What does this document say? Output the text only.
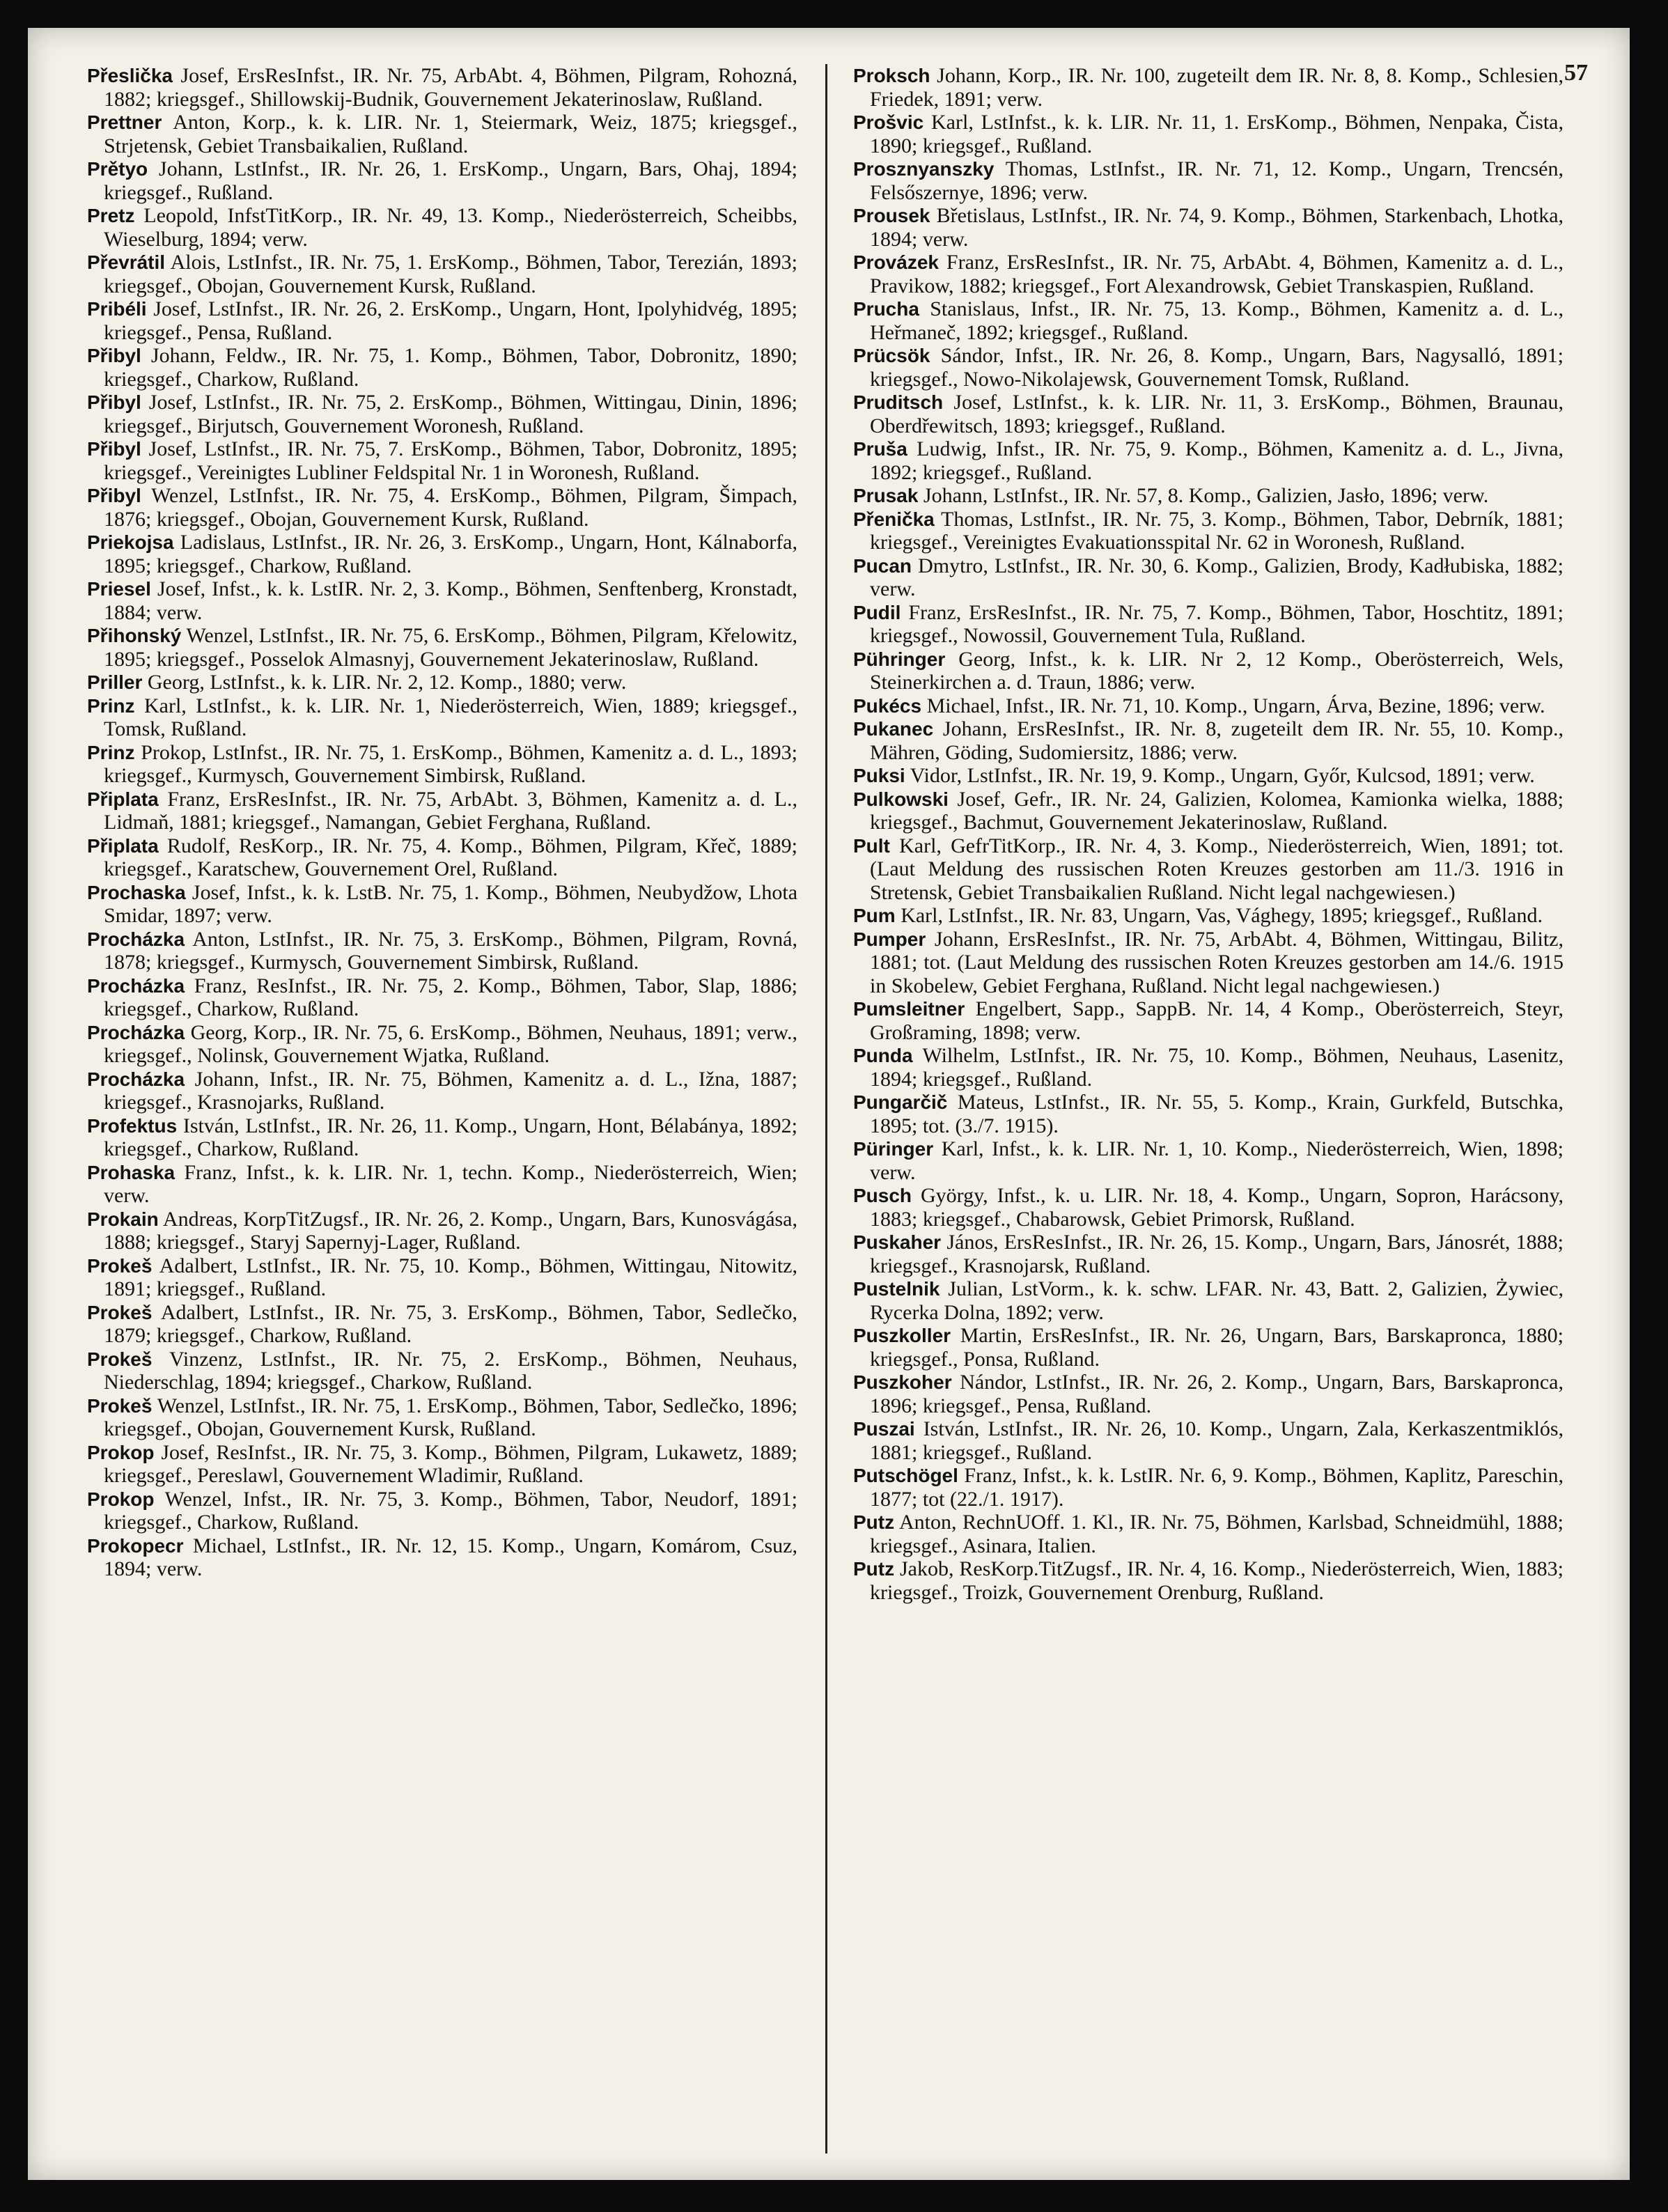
57

Přeslička Josef, ErsResInfst., IR. Nr. 75, ArbAbt. 4, Böhmen, Pilgram, Rohozná, 1882; kriegsgef., Shillowskij-Budnik, Gouvernement Jekaterinoslaw, Rußland.

Prettner Anton, Korp., k. k. LIR. Nr. 1, Steiermark, Weiz, 1875; kriegsgef., Strjetensk, Gebiet Transbaikalien, Rußland.

Prětyo Johann, LstInfst., IR. Nr. 26, 1. ErsKomp., Ungarn, Bars, Ohaj, 1894; kriegsgef., Rußland.

Pretz Leopold, InfstTitKorp., IR. Nr. 49, 13. Komp., Niederösterreich, Scheibbs, Wieselburg, 1894; verw.

Převrátil Alois, LstInfst., IR. Nr. 75, 1. ErsKomp., Böhmen, Tabor, Terezián, 1893; kriegsgef., Obojan, Gouvernement Kursk, Rußland.

Pribéli Josef, LstInfst., IR. Nr. 26, 2. ErsKomp., Ungarn, Hont, Ipolyhidvég, 1895; kriegsgef., Pensa, Rußland.

Přibyl Johann, Feldw., IR. Nr. 75, 1. Komp., Böhmen, Tabor, Dobronitz, 1890; kriegsgef., Charkow, Rußland.

Přibyl Josef, LstInfst., IR. Nr. 75, 2. ErsKomp., Böhmen, Wittingau, Dinin, 1896; kriegsgef., Birjutsch, Gouvernement Woronesh, Rußland.

Přibyl Josef, LstInfst., IR. Nr. 75, 7. ErsKomp., Böhmen, Tabor, Dobronitz, 1895; kriegsgef., Vereinigtes Lubliner Feldspital Nr. 1 in Woronesh, Rußland.

Přibyl Wenzel, LstInfst., IR. Nr. 75, 4. ErsKomp., Böhmen, Pilgram, Šimpach, 1876; kriegsgef., Obojan, Gouvernement Kursk, Rußland.

Priekojsa Ladislaus, LstInfst., IR. Nr. 26, 3. ErsKomp., Ungarn, Hont, Kálnaborfa, 1895; kriegsgef., Charkow, Rußland.

Priesel Josef, Infst., k. k. LstIR. Nr. 2, 3. Komp., Böhmen, Senftenberg, Kronstadt, 1884; verw.

Přihonský Wenzel, LstInfst., IR. Nr. 75, 6. ErsKomp., Böhmen, Pilgram, Křelowitz, 1895; kriegsgef., Posselok Almasnyj, Gouvernement Jekaterinoslaw, Rußland.

Priller Georg, LstInfst., k. k. LIR. Nr. 2, 12. Komp., 1880; verw.

Prinz Karl, LstInfst., k. k. LIR. Nr. 1, Niederösterreich, Wien, 1889; kriegsgef., Tomsk, Rußland.

Prinz Prokop, LstInfst., IR. Nr. 75, 1. ErsKomp., Böhmen, Kamenitz a. d. L., 1893; kriegsgef., Kurmysch, Gouvernement Simbirsk, Rußland.

Připlata Franz, ErsResInfst., IR. Nr. 75, ArbAbt. 3, Böhmen, Kamenitz a. d. L., Lidmaň, 1881; kriegsgef., Namangan, Gebiet Ferghana, Rußland.

Připlata Rudolf, ResKorp., IR. Nr. 75, 4. Komp., Böhmen, Pilgram, Křeč, 1889; kriegsgef., Karatschew, Gouvernement Orel, Rußland.

Prochaska Josef, Infst., k. k. LstB. Nr. 75, 1. Komp., Böhmen, Neubydžow, Lhota Smidar, 1897; verw.

Procházka Anton, LstInfst., IR. Nr. 75, 3. ErsKomp., Böhmen, Pilgram, Rovná, 1878; kriegsgef., Kurmysch, Gouvernement Simbirsk, Rußland.

Procházka Franz, ResInfst., IR. Nr. 75, 2. Komp., Böhmen, Tabor, Slap, 1886; kriegsgef., Charkow, Rußland.

Procházka Georg, Korp., IR. Nr. 75, 6. ErsKomp., Böhmen, Neuhaus, 1891; verw., kriegsgef., Nolinsk, Gouvernement Wjatka, Rußland.

Procházka Johann, Infst., IR. Nr. 75, Böhmen, Kamenitz a. d. L., Ižna, 1887; kriegsgef., Krasnojarks, Rußland.

Profektus István, LstInfst., IR. Nr. 26, 11. Komp., Ungarn, Hont, Bélabánya, 1892; kriegsgef., Charkow, Rußland.

Prohaska Franz, Infst., k. k. LIR. Nr. 1, techn. Komp., Niederösterreich, Wien; verw.

Prokain Andreas, KorpTitZugsf., IR. Nr. 26, 2. Komp., Ungarn, Bars, Kunosvágása, 1888; kriegsgef., Staryj Sapernyj-Lager, Rußland.

Prokeš Adalbert, LstInfst., IR. Nr. 75, 10. Komp., Böhmen, Wittingau, Nitowitz, 1891; kriegsgef., Rußland.

Prokeš Adalbert, LstInfst., IR. Nr. 75, 3. ErsKomp., Böhmen, Tabor, Sedlečko, 1879; kriegsgef., Charkow, Rußland.

Prokeš Vinzenz, LstInfst., IR. Nr. 75, 2. ErsKomp., Böhmen, Neuhaus, Niederschlag, 1894; kriegsgef., Charkow, Rußland.

Prokeš Wenzel, LstInfst., IR. Nr. 75, 1. ErsKomp., Böhmen, Tabor, Sedlečko, 1896; kriegsgef., Obojan, Gouvernement Kursk, Rußland.

Prokop Josef, ResInfst., IR. Nr. 75, 3. Komp., Böhmen, Pilgram, Lukawetz, 1889; kriegsgef., Pereslawl, Gouvernement Wladimir, Rußland.

Prokop Wenzel, Infst., IR. Nr. 75, 3. Komp., Böhmen, Tabor, Neudorf, 1891; kriegsgef., Charkow, Rußland.

Prokopecr Michael, LstInfst., IR. Nr. 12, 15. Komp., Ungarn, Komárom, Csuz, 1894; verw.

Proksch Johann, Korp., IR. Nr. 100, zugeteilt dem IR. Nr. 8, 8. Komp., Schlesien, Friedek, 1891; verw.

Prošvic Karl, LstInfst., k. k. LIR. Nr. 11, 1. ErsKomp., Böhmen, Nenpaka, Čista, 1890; kriegsgef., Rußland.

Prosznyanszky Thomas, LstInfst., IR. Nr. 71, 12. Komp., Ungarn, Trencsén, Felsőszernye, 1896; verw.

Prousek Břetislaus, LstInfst., IR. Nr. 74, 9. Komp., Böhmen, Starkenbach, Lhotka, 1894; verw.

Provázek Franz, ErsResInfst., IR. Nr. 75, ArbAbt. 4, Böhmen, Kamenitz a. d. L., Pravikow, 1882; kriegsgef., Fort Alexandrowsk, Gebiet Transkaspien, Rußland.

Prucha Stanislaus, Infst., IR. Nr. 75, 13. Komp., Böhmen, Kamenitz a. d. L., Heřmaneč, 1892; kriegsgef., Rußland.

Prücsök Sándor, Infst., IR. Nr. 26, 8. Komp., Ungarn, Bars, Nagysalló, 1891; kriegsgef., Nowo-Nikolajewsk, Gouvernement Tomsk, Rußland.

Pruditsch Josef, LstInfst., k. k. LIR. Nr. 11, 3. ErsKomp., Böhmen, Braunau, Oberdřewitsch, 1893; kriegsgef., Rußland.

Pruša Ludwig, Infst., IR. Nr. 75, 9. Komp., Böhmen, Kamenitz a. d. L., Jivna, 1892; kriegsgef., Rußland.

Prusak Johann, LstInfst., IR. Nr. 57, 8. Komp., Galizien, Jasło, 1896; verw.

Přenička Thomas, LstInfst., IR. Nr. 75, 3. Komp., Böhmen, Tabor, Debrník, 1881; kriegsgef., Vereinigtes Evakuationsspital Nr. 62 in Woronesh, Rußland.

Pucan Dmytro, LstInfst., IR. Nr. 30, 6. Komp., Galizien, Brody, Kadłubiska, 1882; verw.

Pudil Franz, ErsResInfst., IR. Nr. 75, 7. Komp., Böhmen, Tabor, Hoschtitz, 1891; kriegsgef., Nowossil, Gouvernement Tula, Rußland.

Pühringer Georg, Infst., k. k. LIR. Nr 2, 12 Komp., Oberösterreich, Wels, Steinerkirchen a. d. Traun, 1886; verw.

Pukécs Michael, Infst., IR. Nr. 71, 10. Komp., Ungarn, Árva, Bezine, 1896; verw.

Pukanec Johann, ErsResInfst., IR. Nr. 8, zugeteilt dem IR. Nr. 55, 10. Komp., Mähren, Göding, Sudomiersitz, 1886; verw.

Puksi Vidor, LstInfst., IR. Nr. 19, 9. Komp., Ungarn, Győr, Kulcsod, 1891; verw.

Pulkowski Josef, Gefr., IR. Nr. 24, Galizien, Kolomea, Kamionka wielka, 1888; kriegsgef., Bachmut, Gouvernement Jekaterinoslaw, Rußland.

Pult Karl, GefrTitKorp., IR. Nr. 4, 3. Komp., Niederösterreich, Wien, 1891; tot. (Laut Meldung des russischen Roten Kreuzes gestorben am 11./3. 1916 in Stretensk, Gebiet Transbaikalien Rußland. Nicht legal nachgewiesen.)

Pum Karl, LstInfst., IR. Nr. 83, Ungarn, Vas, Vághegy, 1895; kriegsgef., Rußland.

Pumper Johann, ErsResInfst., IR. Nr. 75, ArbAbt. 4, Böhmen, Wittingau, Bilitz, 1881; tot. (Laut Meldung des russischen Roten Kreuzes gestorben am 14./6. 1915 in Skobelew, Gebiet Ferghana, Rußland. Nicht legal nachgewiesen.)

Pumsleitner Engelbert, Sapp., SappB. Nr. 14, 4 Komp., Oberösterreich, Steyr, Großraming, 1898; verw.

Punda Wilhelm, LstInfst., IR. Nr. 75, 10. Komp., Böhmen, Neuhaus, Lasenitz, 1894; kriegsgef., Rußland.

Pungarčič Mateus, LstInfst., IR. Nr. 55, 5. Komp., Krain, Gurkfeld, Butschka, 1895; tot. (3./7. 1915).

Püringer Karl, Infst., k. k. LIR. Nr. 1, 10. Komp., Niederösterreich, Wien, 1898; verw.

Pusch György, Infst., k. u. LIR. Nr. 18, 4. Komp., Ungarn, Sopron, Harácsony, 1883; kriegsgef., Chabarowsk, Gebiet Primorsk, Rußland.

Puskaher János, ErsResInfst., IR. Nr. 26, 15. Komp., Ungarn, Bars, Jánosrét, 1888; kriegsgef., Krasnojarsk, Rußland.

Pustelnik Julian, LstVorm., k. k. schw. LFAR. Nr. 43, Batt. 2, Galizien, Żywiec, Rycerka Dolna, 1892; verw.

Puszkoller Martin, ErsResInfst., IR. Nr. 26, Ungarn, Bars, Barskapronca, 1880; kriegsgef., Ponsa, Rußland.

Puszkoher Nándor, LstInfst., IR. Nr. 26, 2. Komp., Ungarn, Bars, Barskapronca, 1896; kriegsgef., Pensa, Rußland.

Puszai István, LstInfst., IR. Nr. 26, 10. Komp., Ungarn, Zala, Kerkaszentmiklós, 1881; kriegsgef., Rußland.

Putschögel Franz, Infst., k. k. LstIR. Nr. 6, 9. Komp., Böhmen, Kaplitz, Pareschin, 1877; tot (22./1. 1917).

Putz Anton, RechnUOff. 1. Kl., IR. Nr. 75, Böhmen, Karlsbad, Schneidmühl, 1888; kriegsgef., Asinara, Italien.

Putz Jakob, ResKorp.TitZugsf., IR. Nr. 4, 16. Komp., Niederösterreich, Wien, 1883; kriegsgef., Troizk, Gouvernement Orenburg, Rußland.
